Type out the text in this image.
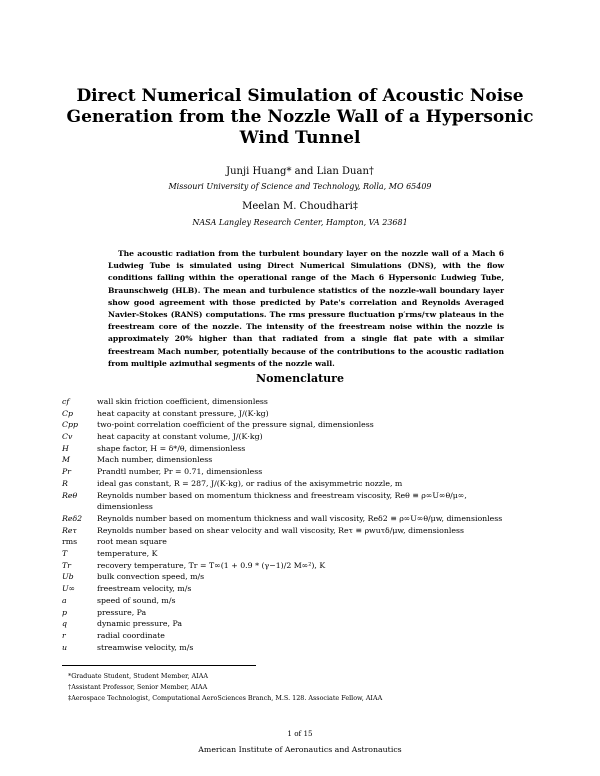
Direct Numerical Simulation of Acoustic Noise Generation from the Nozzle Wall of a Hypersonic Wind Tunnel
Junji Huang* and Lian Duan†
Missouri University of Science and Technology, Rolla, MO 65409
Meelan M. Choudhari‡
NASA Langley Research Center, Hampton, VA 23681

The acoustic radiation from the turbulent boundary layer on the nozzle wall of a Mach 6 Ludwieg Tube is simulated using Direct Numerical Simulations (DNS), with the flow conditions falling within the operational range of the Mach 6 Hypersonic Ludwieg Tube, Braunschweig (HLB). The mean and turbulence statistics of the nozzle-wall boundary layer show good agreement with those predicted by Pate's correlation and Reynolds Averaged Navier-Stokes (RANS) computations. The rms pressure fluctuation p′rms/τw plateaus in the freestream core of the nozzle. The intensity of the freestream noise within the nozzle is approximately 20% higher than that radiated from a single flat pate with a similar freestream Mach number, potentially because of the contributions to the acoustic radiation from multiple azimuthal segments of the nozzle wall.

Nomenclature
cf	wall skin friction coefficient, dimensionless
Cp	heat capacity at constant pressure, J/(K·kg)
Cpp two-point correlation coefficient of the pressure signal, dimensionless
Cv	heat capacity at constant volume, J/(K·kg)
H	shape factor, H = δ*/θ, dimensionless
M	Mach number, dimensionless
Pr	Prandtl number, Pr = 0.71, dimensionless
R	ideal gas constant, R = 287, J/(K·kg), or radius of the axisymmetric nozzle, m
Reθ	Reynolds number based on momentum thickness and freestream viscosity, Reθ ≡ ρ∞U∞θ/μ∞,
dimensionless
Reδ2 Reynolds number based on momentum thickness and wall viscosity, Reδ2 ≡ ρ∞U∞θ/μw, dimensionless
Reτ	Reynolds number based on shear velocity and wall viscosity, Reτ ≡ ρwuτδ/μw, dimensionless
rms	root mean square
T	temperature, K
Tr	recovery temperature, Tr = T∞(1 + 0.9 * (γ−1)/2 M∞²), K
Ub	bulk convection speed, m/s
U∞	freestream velocity, m/s
a	speed of sound, m/s
p	pressure, Pa
q	dynamic pressure, Pa
r	radial coordinate
u	streamwise velocity, m/s
*Graduate Student, Student Member, AIAA
†Assistant Professor, Senior Member, AIAA
‡Aerospace Technologist, Computational AeroSciences Branch, M.S. 128. Associate Fellow, AIAA
1 of 15
American Institute of Aeronautics and Astronautics
